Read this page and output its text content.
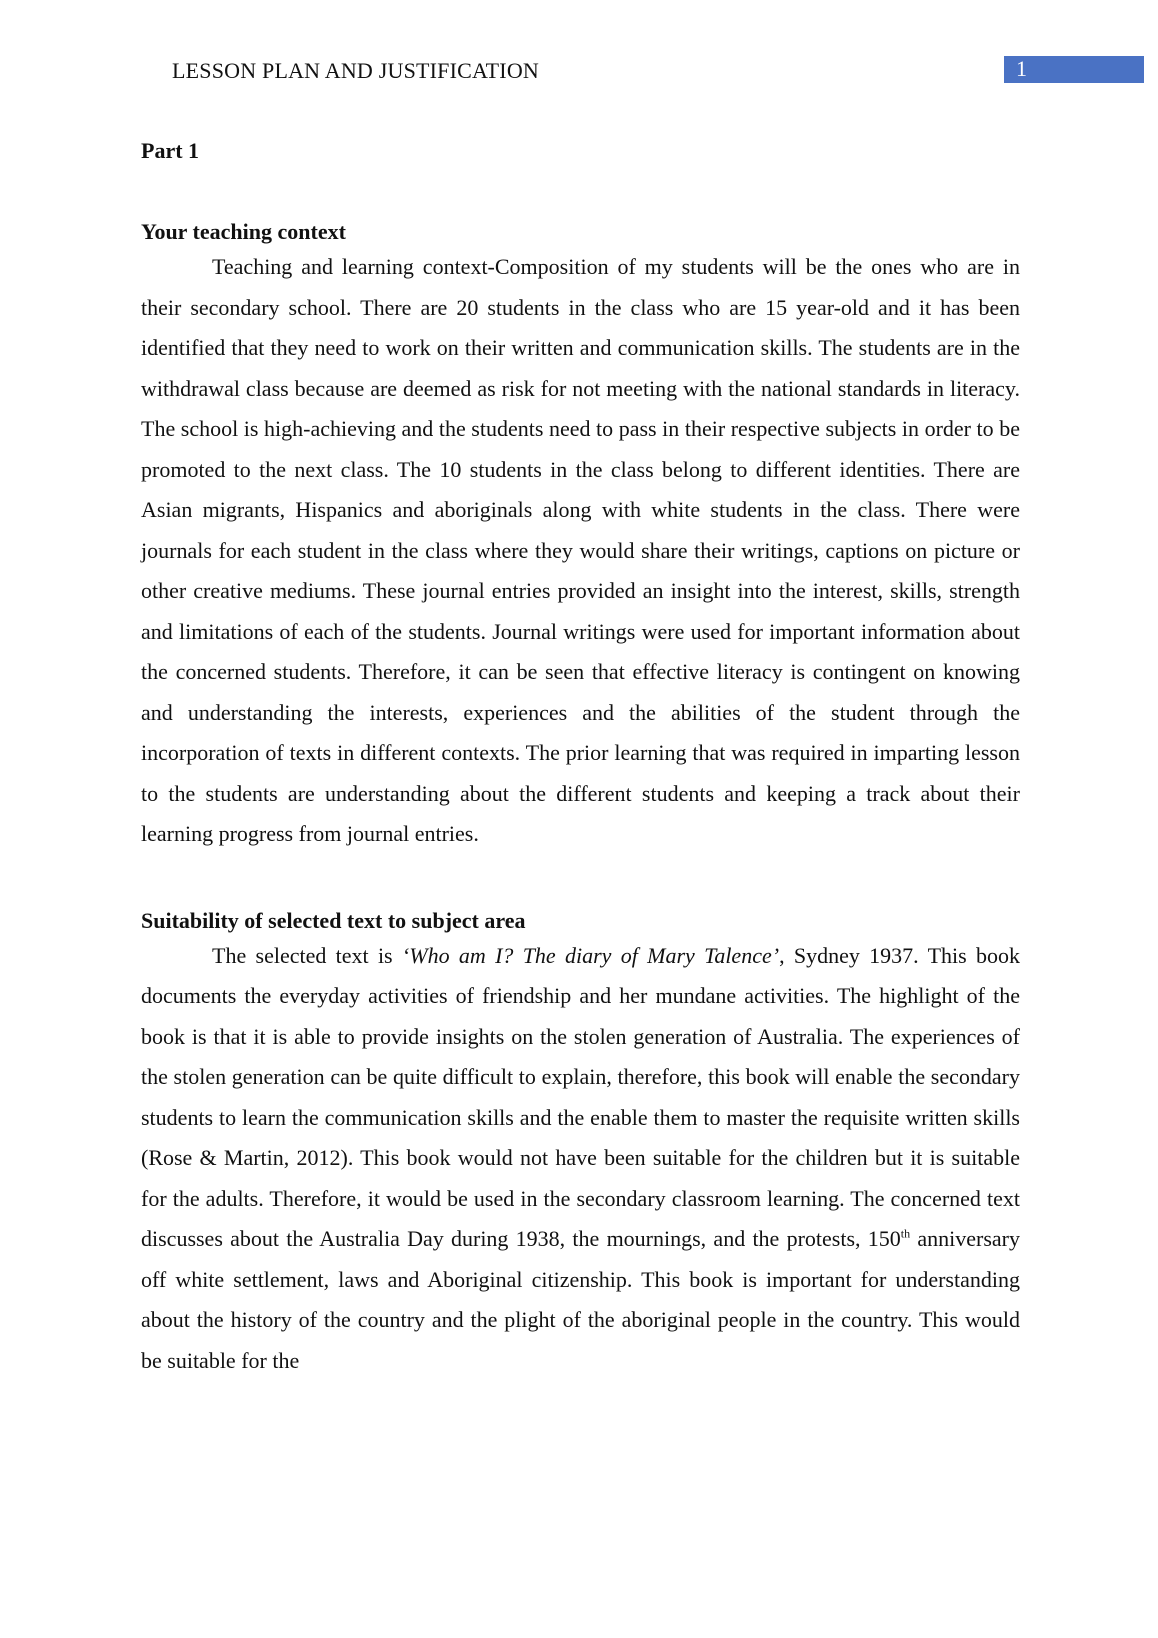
LESSON PLAN AND JUSTIFICATION	1
Part 1
Your teaching context

Teaching and learning context-Composition of my students will be the ones who are in their secondary school. There are 20 students in the class who are 15 year-old and it has been identified that they need to work on their written and communication skills. The students are in the withdrawal class because are deemed as risk for not meeting with the national standards in literacy. The school is high-achieving and the students need to pass in their respective subjects in order to be promoted to the next class. The 10 students in the class belong to different identities. There are Asian migrants, Hispanics and aboriginals along with white students in the class. There were journals for each student in the class where they would share their writings, captions on picture or other creative mediums. These journal entries provided an insight into the interest, skills, strength and limitations of each of the students. Journal writings were used for important information about the concerned students. Therefore, it can be seen that effective literacy is contingent on knowing and understanding the interests, experiences and the abilities of the student through the incorporation of texts in different contexts. The prior learning that was required in imparting lesson to the students are understanding about the different students and keeping a track about their learning progress from journal entries.

Suitability of selected text to subject area

The selected text is ‘Who am I? The diary of Mary Talence’, Sydney 1937. This book documents the everyday activities of friendship and her mundane activities. The highlight of the book is that it is able to provide insights on the stolen generation of Australia. The experiences of the stolen generation can be quite difficult to explain, therefore, this book will enable the secondary students to learn the communication skills and the enable them to master the requisite written skills (Rose & Martin, 2012). This book would not have been suitable for the children but it is suitable for the adults. Therefore, it would be used in the secondary classroom learning. The concerned text discusses about the Australia Day during 1938, the mournings, and the protests, 150th anniversary off white settlement, laws and Aboriginal citizenship. This book is important for understanding about the history of the country and the plight of the aboriginal people in the country. This would be suitable for the
